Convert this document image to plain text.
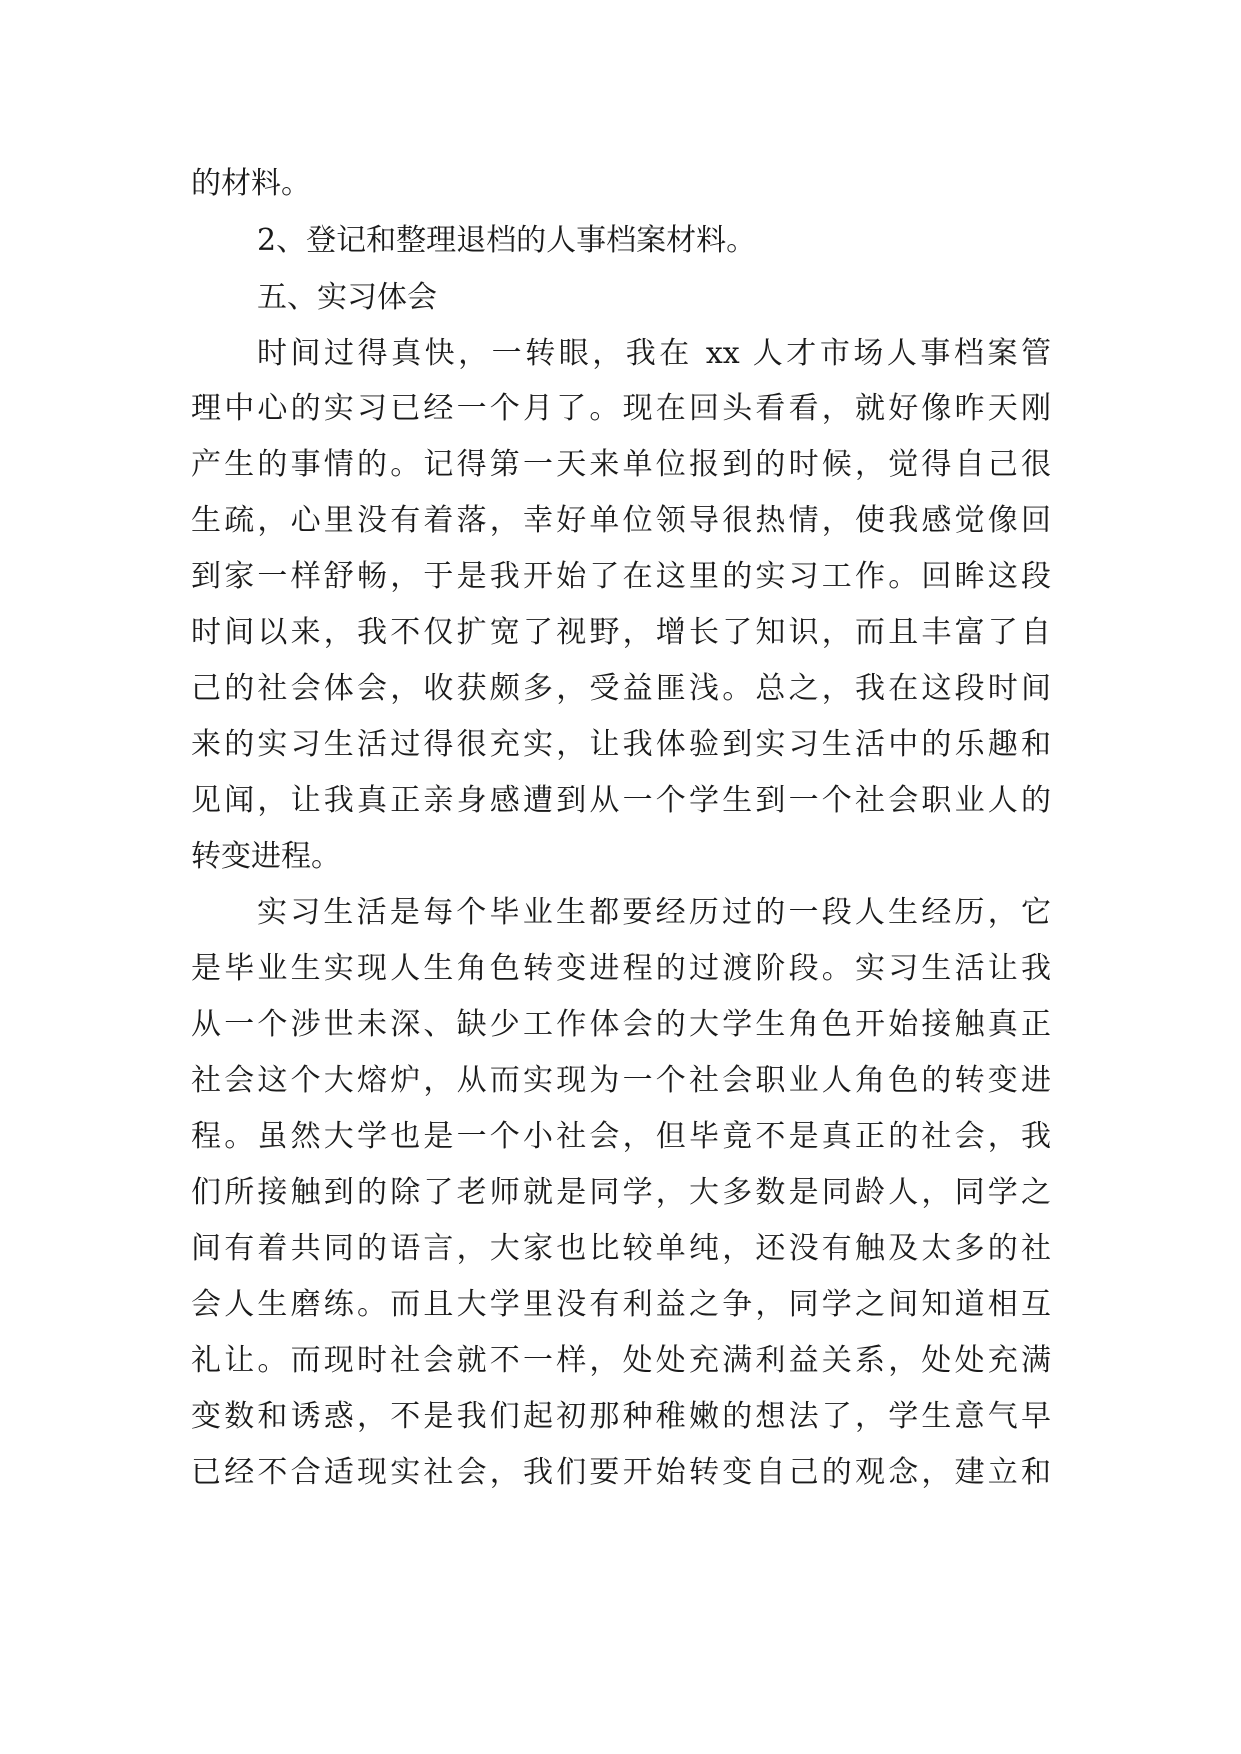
的材料。

2、登记和整理退档的人事档案材料。

五、实习体会

时间过得真快，一转眼，我在 xx 人才市场人事档案管

理中心的实习已经一个月了。现在回头看看，就好像昨天刚

产生的事情的。记得第一天来单位报到的时候，觉得自己很

生疏，心里没有着落，幸好单位领导很热情，使我感觉像回

到家一样舒畅，于是我开始了在这里的实习工作。回眸这段

时间以来，我不仅扩宽了视野，增长了知识，而且丰富了自

己的社会体会，收获颇多，受益匪浅。总之，我在这段时间

来的实习生活过得很充实，让我体验到实习生活中的乐趣和

见闻，让我真正亲身感遭到从一个学生到一个社会职业人的

转变进程。

实习生活是每个毕业生都要经历过的一段人生经历，它

是毕业生实现人生角色转变进程的过渡阶段。实习生活让我

从一个涉世未深、缺少工作体会的大学生角色开始接触真正

社会这个大熔炉，从而实现为一个社会职业人角色的转变进

程。虽然大学也是一个小社会，但毕竟不是真正的社会，我

们所接触到的除了老师就是同学，大多数是同龄人，同学之

间有着共同的语言，大家也比较单纯，还没有触及太多的社

会人生磨练。而且大学里没有利益之争，同学之间知道相互

礼让。而现时社会就不一样，处处充满利益关系，处处充满

变数和诱惑，不是我们起初那种稚嫩的想法了，学生意气早

已经不合适现实社会，我们要开始转变自己的观念，建立和
